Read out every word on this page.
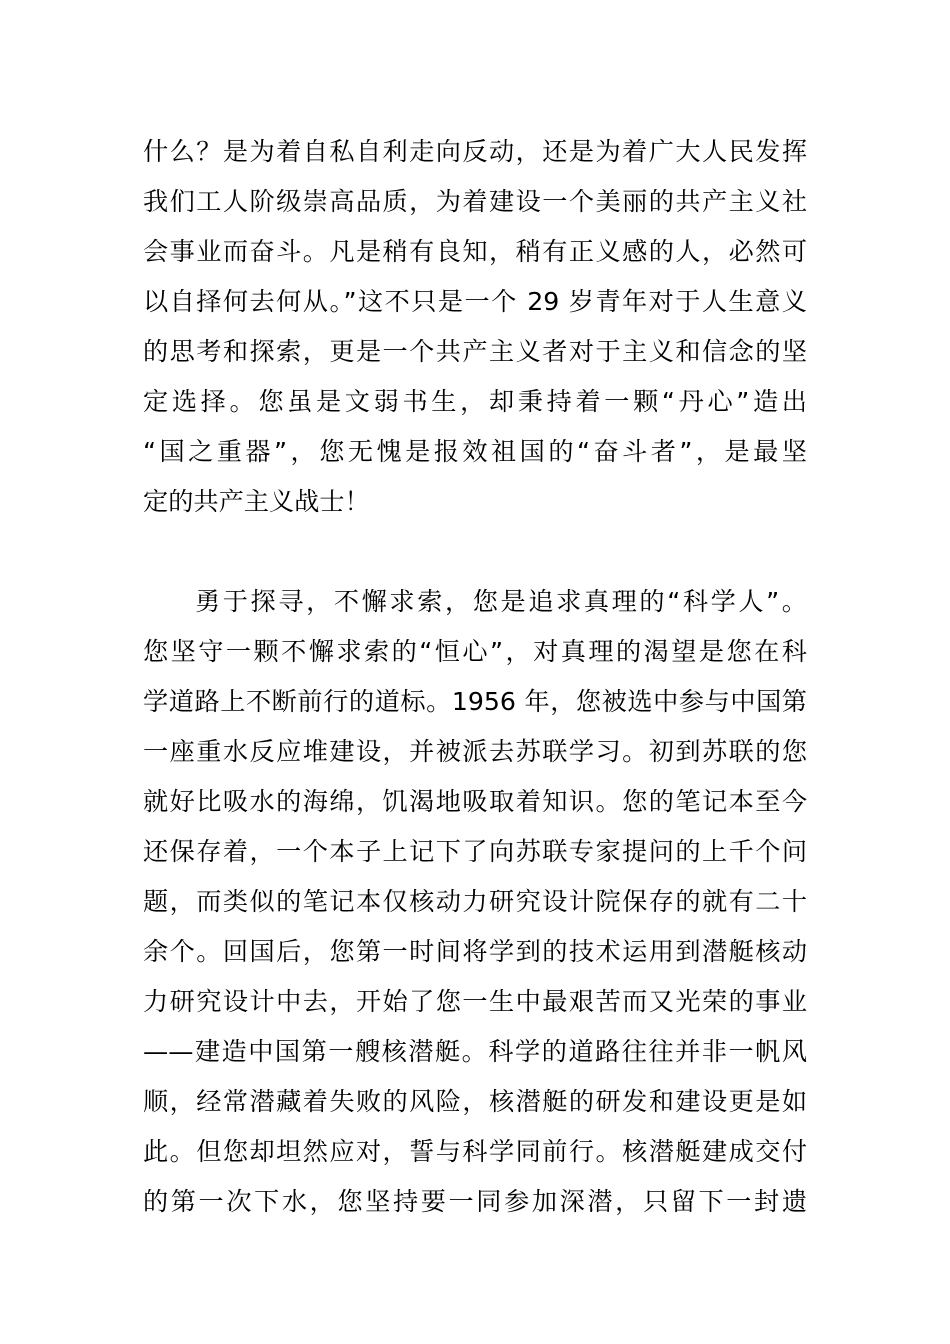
什么？是为着自私自利走向反动，还是为着广大人民发挥
我们工人阶级崇高品质，为着建设一个美丽的共产主义社
会事业而奋斗。凡是稍有良知，稍有正义感的人，必然可
以自择何去何从。”这不只是一个 29 岁青年对于人生意义
的思考和探索，更是一个共产主义者对于主义和信念的坚
定选择。您虽是文弱书生，却秉持着一颗“丹心”造出
“国之重器”，您无愧是报效祖国的“奋斗者”，是最坚
定的共产主义战士！
勇于探寻，不懈求索，您是追求真理的“科学人”。
您坚守一颗不懈求索的“恒心”，对真理的渴望是您在科
学道路上不断前行的道标。1956 年，您被选中参与中国第
一座重水反应堆建设，并被派去苏联学习。初到苏联的您
就好比吸水的海绵，饥渴地吸取着知识。您的笔记本至今
还保存着，一个本子上记下了向苏联专家提问的上千个问
题，而类似的笔记本仅核动力研究设计院保存的就有二十
余个。回国后，您第一时间将学到的技术运用到潜艇核动
力研究设计中去，开始了您一生中最艰苦而又光荣的事业
——建造中国第一艘核潜艇。科学的道路往往并非一帆风
顺，经常潜藏着失败的风险，核潜艇的研发和建设更是如
此。但您却坦然应对，誓与科学同前行。核潜艇建成交付
的第一次下水，您坚持要一同参加深潜，只留下一封遗
